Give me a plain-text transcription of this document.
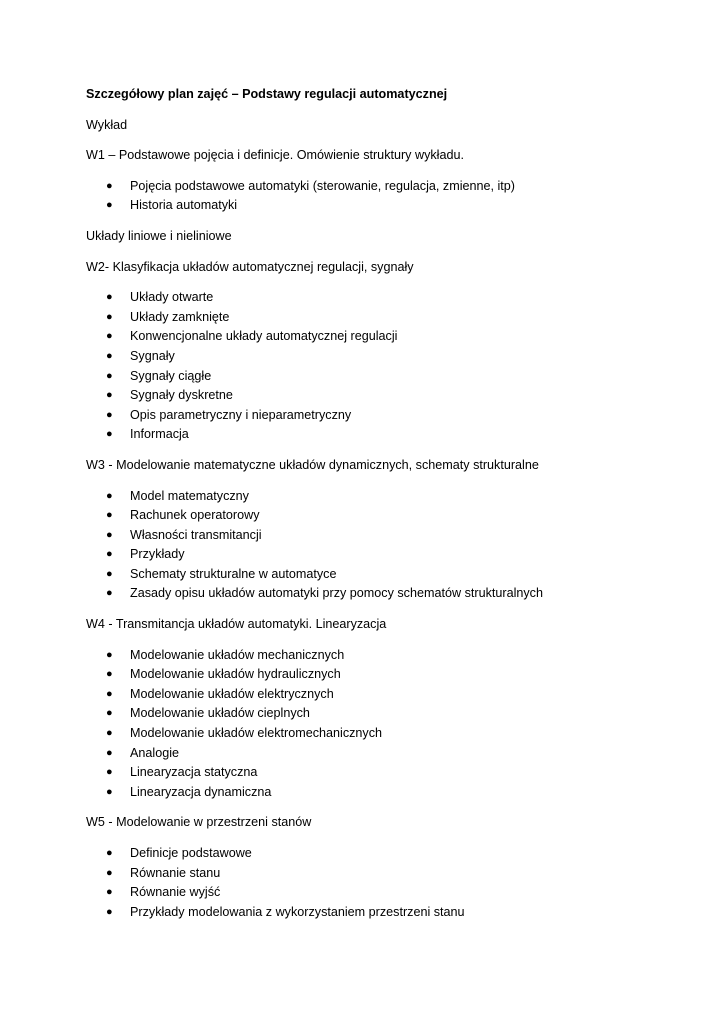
Szczegółowy plan zajęć – Podstawy regulacji automatycznej

Wykład

W1 – Podstawowe pojęcia i definicje. Omówienie struktury wykładu.

● Pojęcia podstawowe automatyki (sterowanie, regulacja, zmienne, itp)
● Historia automatyki

Układy liniowe i nieliniowe

W2- Klasyfikacja układów automatycznej regulacji, sygnały

● Układy otwarte
● Układy zamknięte
● Konwencjonalne układy automatycznej regulacji
● Sygnały
● Sygnały ciągłe
● Sygnały dyskretne
● Opis parametryczny i nieparametryczny
● Informacja

W3 - Modelowanie matematyczne układów dynamicznych, schematy strukturalne

● Model matematyczny
● Rachunek operatorowy
● Własności transmitancji
● Przykłady
● Schematy strukturalne w automatyce
● Zasady opisu układów automatyki przy pomocy schematów strukturalnych

W4 - Transmitancja układów automatyki. Linearyzacja

● Modelowanie układów mechanicznych
● Modelowanie układów hydraulicznych
● Modelowanie układów elektrycznych
● Modelowanie układów cieplnych
● Modelowanie układów elektromechanicznych
● Analogie
● Linearyzacja statyczna
● Linearyzacja dynamiczna

W5 - Modelowanie w przestrzeni stanów

● Definicje podstawowe
● Równanie stanu
● Równanie wyjść
● Przykłady modelowania z wykorzystaniem przestrzeni stanu
